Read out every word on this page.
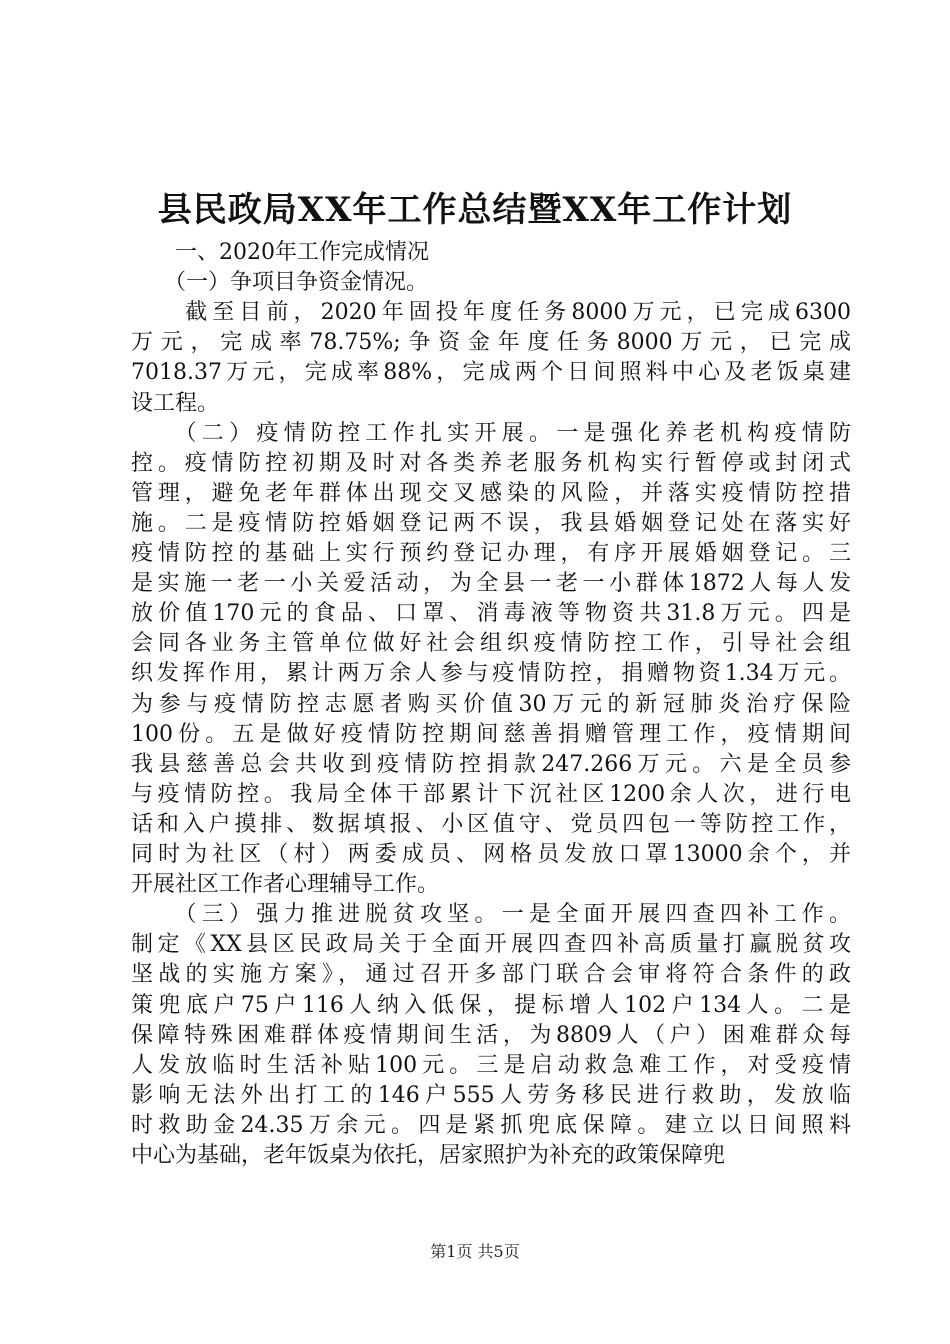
县民政局XX年工作总结暨XX年工作计划
　　一、2020年工作完成情况
　　（一）争项目争资金情况。
　　截至目前，2020年固投年度任务8000万元，已完成6300
万元，完成率78.75%;争资金年度任务8000万元，已完成
7018.37万元，完成率88%，完成两个日间照料中心及老饭桌建
设工程。
　　（二）疫情防控工作扎实开展。一是强化养老机构疫情防
控。疫情防控初期及时对各类养老服务机构实行暂停或封闭式
管理，避免老年群体出现交叉感染的风险，并落实疫情防控措
施。二是疫情防控婚姻登记两不误，我县婚姻登记处在落实好
疫情防控的基础上实行预约登记办理，有序开展婚姻登记。三
是实施一老一小关爱活动，为全县一老一小群体1872人每人发
放价值170元的食品、口罩、消毒液等物资共31.8万元。四是
会同各业务主管单位做好社会组织疫情防控工作，引导社会组
织发挥作用，累计两万余人参与疫情防控，捐赠物资1.34万元。
为参与疫情防控志愿者购买价值30万元的新冠肺炎治疗保险
100份。五是做好疫情防控期间慈善捐赠管理工作，疫情期间
我县慈善总会共收到疫情防控捐款247.266万元。六是全员参
与疫情防控。我局全体干部累计下沉社区1200余人次，进行电
话和入户摸排、数据填报、小区值守、党员四包一等防控工作，
同时为社区（村）两委成员、网格员发放口罩13000余个，并
开展社区工作者心理辅导工作。
　　（三）强力推进脱贫攻坚。一是全面开展四查四补工作。
制定《XX县区民政局关于全面开展四查四补高质量打赢脱贫攻
坚战的实施方案》，通过召开多部门联合会审将符合条件的政
策兜底户75户116人纳入低保，提标增人102户134人。二是
保障特殊困难群体疫情期间生活，为8809人（户）困难群众每
人发放临时生活补贴100元。三是启动救急难工作，对受疫情
影响无法外出打工的146户555人劳务移民进行救助，发放临
时救助金24.35万余元。四是紧抓兜底保障。建立以日间照料
中心为基础，老年饭桌为依托，居家照护为补充的政策保障兜
第1页 共5页
